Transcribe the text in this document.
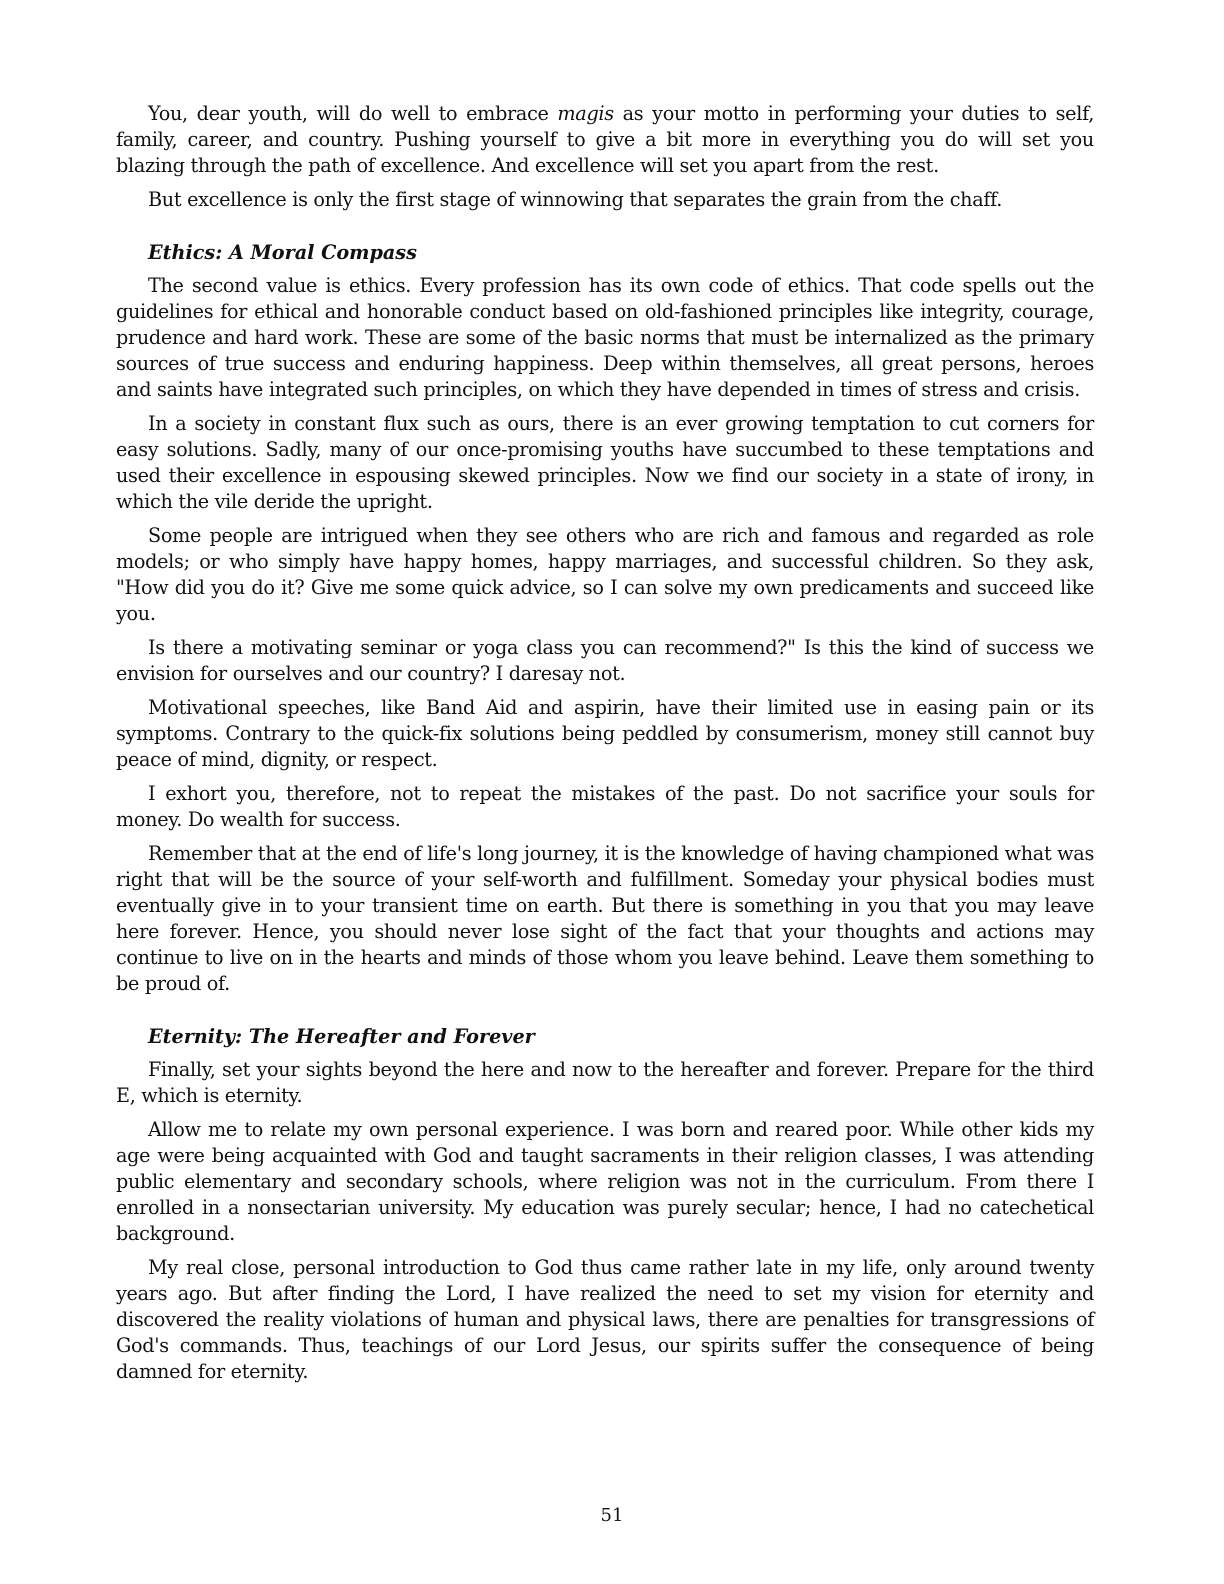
You, dear youth, will do well to embrace magis as your motto in performing your duties to self, family, career, and country. Pushing yourself to give a bit more in everything you do will set you blazing through the path of excellence. And excellence will set you apart from the rest.

But excellence is only the first stage of winnowing that separates the grain from the chaff.

Ethics: A Moral Compass

The second value is ethics. Every profession has its own code of ethics. That code spells out the guidelines for ethical and honorable conduct based on old-fashioned principles like integrity, courage, prudence and hard work. These are some of the basic norms that must be internalized as the primary sources of true success and enduring happiness. Deep within themselves, all great persons, heroes and saints have integrated such principles, on which they have depended in times of stress and crisis.

In a society in constant flux such as ours, there is an ever growing temptation to cut corners for easy solutions. Sadly, many of our once-promising youths have succumbed to these temptations and used their excellence in espousing skewed principles. Now we find our society in a state of irony, in which the vile deride the upright.

Some people are intrigued when they see others who are rich and famous and regarded as role models; or who simply have happy homes, happy marriages, and successful children. So they ask, "How did you do it? Give me some quick advice, so I can solve my own predicaments and succeed like you.

Is there a motivating seminar or yoga class you can recommend?" Is this the kind of success we envision for ourselves and our country? I daresay not.

Motivational speeches, like Band Aid and aspirin, have their limited use in easing pain or its symptoms. Contrary to the quick-fix solutions being peddled by consumerism, money still cannot buy peace of mind, dignity, or respect.

I exhort you, therefore, not to repeat the mistakes of the past. Do not sacrifice your souls for money. Do wealth for success.

Remember that at the end of life's long journey, it is the knowledge of having championed what was right that will be the source of your self-worth and fulfillment. Someday your physical bodies must eventually give in to your transient time on earth. But there is something in you that you may leave here forever. Hence, you should never lose sight of the fact that your thoughts and actions may continue to live on in the hearts and minds of those whom you leave behind. Leave them something to be proud of.

Eternity: The Hereafter and Forever

Finally, set your sights beyond the here and now to the hereafter and forever. Prepare for the third E, which is eternity.

Allow me to relate my own personal experience. I was born and reared poor. While other kids my age were being acquainted with God and taught sacraments in their religion classes, I was attending public elementary and secondary schools, where religion was not in the curriculum. From there I enrolled in a nonsectarian university. My education was purely secular; hence, I had no catechetical background.

My real close, personal introduction to God thus came rather late in my life, only around twenty years ago. But after finding the Lord, I have realized the need to set my vision for eternity and discovered the reality violations of human and physical laws, there are penalties for transgressions of God's commands. Thus, teachings of our Lord Jesus, our spirits suffer the consequence of being damned for eternity.

51
